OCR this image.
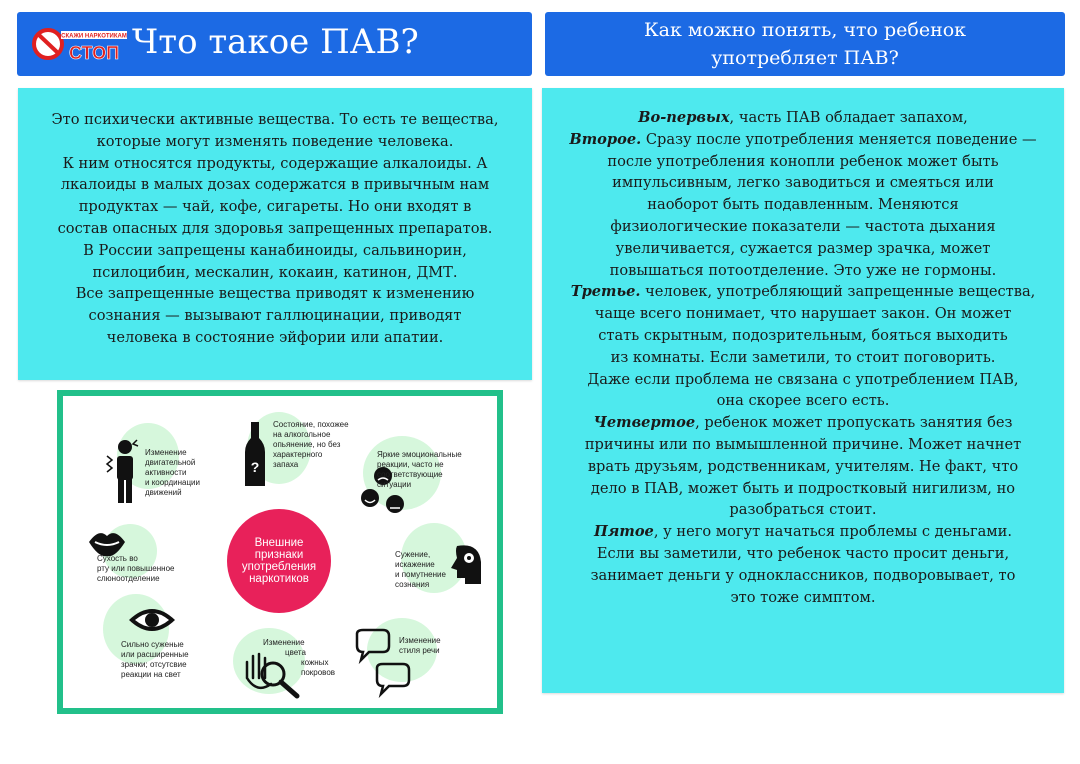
СКАЖИ НАРКОТИКАМ
СТОП Что такое ПАВ?	Как можно понять, что ребенок
употребляет ПАВ?
Это психически активные вещества. То есть те вещества,
которые могут изменять поведение человека.
К ним относятся продукты, содержащие алкалоиды. А
лкалоиды в малых дозах содержатся в привычным нам
продуктах — чай, кофе, сигареты. Но они входят в
состав опасных для здоровья запрещенных препаратов.
В России запрещены канабиноиды, сальвинорин,
псилоцибин, мескалин, кокаин, катинон, ДМТ.
Все запрещенные вещества приводят к изменению
сознания — вызывают галлюцинации, приводят
человека в состояние эйфории или апатии.
Во-первых, часть ПАВ обладает запахом,
Второе. Сразу после употребления меняется поведение —
после употребления конопли ребенок может быть
импульсивным, легко заводиться и смеяться или
наоборот быть подавленным. Меняются
физиологические показатели — частота дыхания
увеличивается, сужается размер зрачка, может
повышаться потоотделение. Это уже не гормоны.
Третье. человек, употребляющий запрещенные вещества,
чаще всего понимает, что нарушает закон. Он может
стать скрытным, подозрительным, бояться выходить
из комнаты. Если заметили, то стоит поговорить.
Даже если проблема не связана с употреблением ПАВ,
она скорее всего есть.
Четвертое, ребенок может пропускать занятия без
причины или по вымышленной причине. Может начнет
врать друзьям, родственникам, учителям. Не факт, что
дело в ПАВ, может быть и подростковый нигилизм, но
разобраться стоит.
Пятое, у него могут начаться проблемы с деньгами.
Если вы заметили, что ребенок часто просит деньги,
занимает деньги у одноклассников, подворовывает, то
это тоже симптом.
Внешние
признаки
употребления
наркотиков
Изменение
двигательной
активности
и координации
движений
?
Состояние, похожее
на алкогольное
опьянение, но без
характерного
запаха
Яркие эмоциональные
реакции, часто не
соответствующие
ситуации
Сухость во
рту или повышенное
слюноотделение
Сужение,
искажение
и помутнение
сознания
Сильно суженые
или расширенные
зрачки; отсутсвие
реакции на свет
Изменение
цвета
кожных
покровов
Изменение
стиля речи
